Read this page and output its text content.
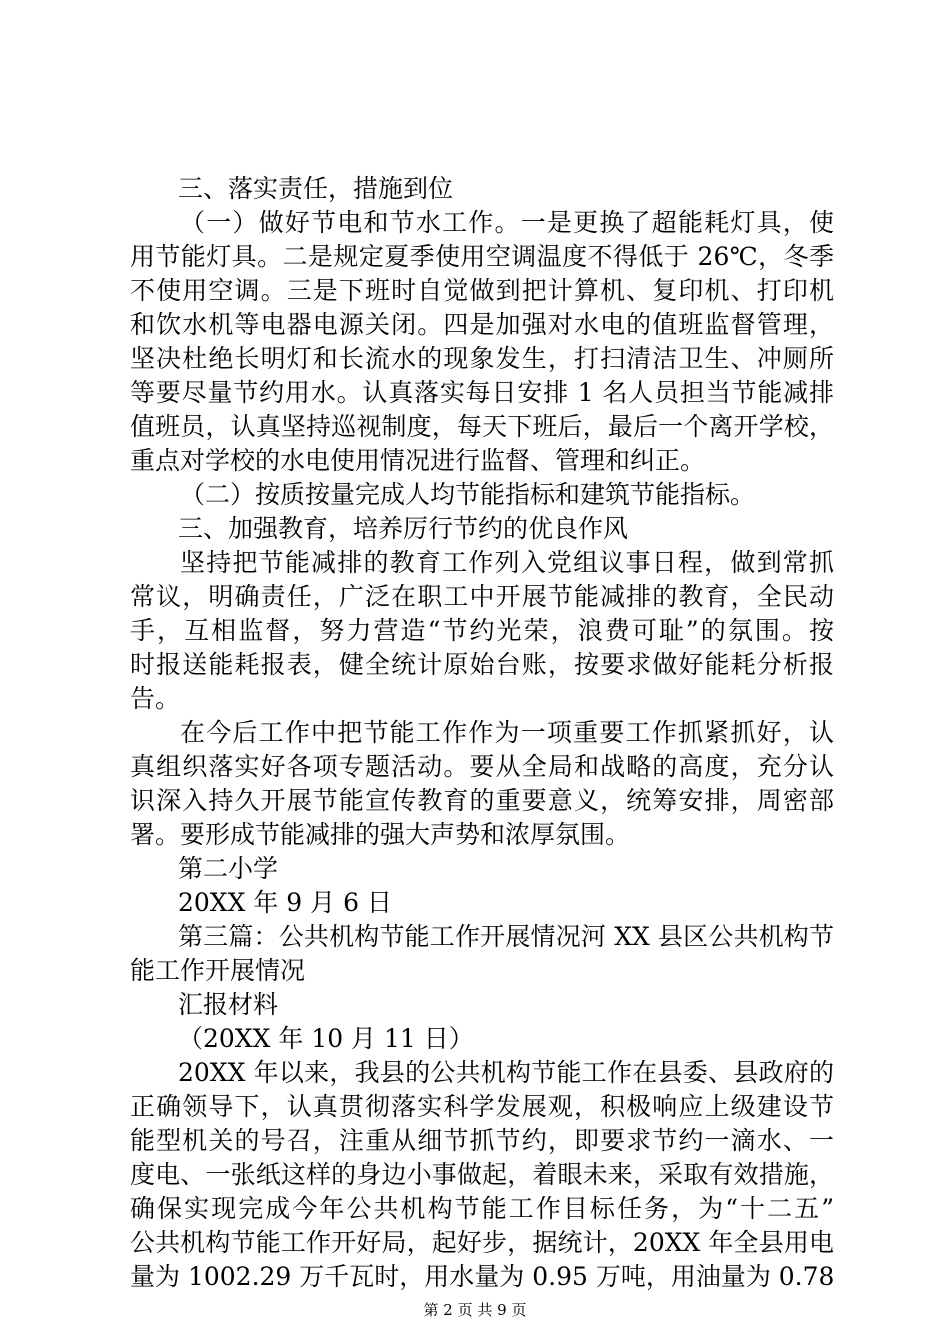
三、落实责任，措施到位
（一）做好节电和节水工作。一是更换了超能耗灯具，使
用节能灯具。二是规定夏季使用空调温度不得低于 26℃，冬季
不使用空调。三是下班时自觉做到把计算机、复印机、打印机
和饮水机等电器电源关闭。四是加强对水电的值班监督管理，
坚决杜绝长明灯和长流水的现象发生，打扫清洁卫生、冲厕所
等要尽量节约用水。认真落实每日安排 1 名人员担当节能减排
值班员，认真坚持巡视制度，每天下班后，最后一个离开学校，
重点对学校的水电使用情况进行监督、管理和纠正。
（二）按质按量完成人均节能指标和建筑节能指标。
三、加强教育，培养厉行节约的优良作风
坚持把节能减排的教育工作列入党组议事日程，做到常抓
常议，明确责任，广泛在职工中开展节能减排的教育，全民动
手，互相监督，努力营造“节约光荣，浪费可耻”的氛围。按
时报送能耗报表，健全统计原始台账，按要求做好能耗分析报
告。
在今后工作中把节能工作作为一项重要工作抓紧抓好，认
真组织落实好各项专题活动。要从全局和战略的高度，充分认
识深入持久开展节能宣传教育的重要意义，统筹安排，周密部
署。要形成节能减排的强大声势和浓厚氛围。
第二小学
20XX 年 9 月 6 日
第三篇：公共机构节能工作开展情况河 XX 县区公共机构节
能工作开展情况
汇报材料
（20XX 年 10 月 11 日）
20XX 年以来，我县的公共机构节能工作在县委、县政府的
正确领导下，认真贯彻落实科学发展观，积极响应上级建设节
能型机关的号召，注重从细节抓节约，即要求节约一滴水、一
度电、一张纸这样的身边小事做起，着眼未来，采取有效措施，
确保实现完成今年公共机构节能工作目标任务，为“十二五”
公共机构节能工作开好局，起好步，据统计，20XX 年全县用电
量为 1002.29 万千瓦时，用水量为 0.95 万吨，用油量为 0.78
第 2 页 共 9 页
